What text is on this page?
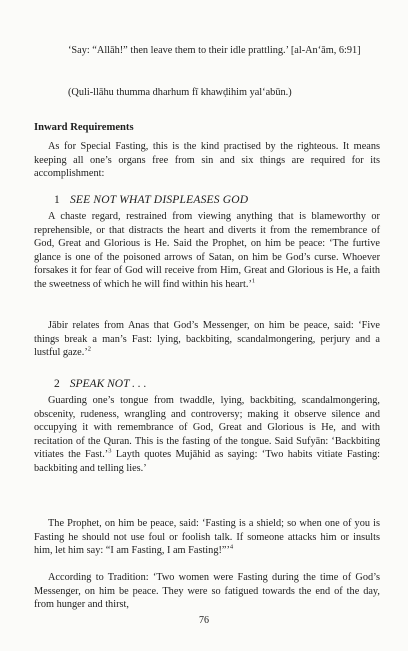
‘Say: “Allāh!” then leave them to their idle prattling.’ [al-An‘ām, 6:91]
(Quli-llāhu thumma dharhum fī khawḍihim yal‘abūn.)
Inward Requirements
As for Special Fasting, this is the kind practised by the righteous. It means keeping all one’s organs free from sin and six things are required for its accomplishment:
1 SEE NOT WHAT DISPLEASES GOD
A chaste regard, restrained from viewing anything that is blameworthy or reprehensible, or that distracts the heart and diverts it from the remembrance of God, Great and Glorious is He. Said the Prophet, on him be peace: ‘The furtive glance is one of the poisoned arrows of Satan, on him be God’s curse. Whoever forsakes it for fear of God will receive from Him, Great and Glorious is He, a faith the sweetness of which he will find within his heart.’$^1$
Jābir relates from Anas that God’s Messenger, on him be peace, said: ‘Five things break a man’s Fast: lying, backbiting, scandalmongering, perjury and a lustful gaze.’$^2$
2 SPEAK NOT . . .
Guarding one’s tongue from twaddle, lying, backbiting, scandalmongering, obscenity, rudeness, wrangling and controversy; making it observe silence and occupying it with remembrance of God, Great and Glorious is He, and with recitation of the Quran. This is the fasting of the tongue. Said Sufyān: ‘Backbiting vitiates the Fast.’$^3$ Layth quotes Mujāhid as saying: ‘Two habits vitiate Fasting: backbiting and telling lies.’
The Prophet, on him be peace, said: ‘Fasting is a shield; so when one of you is Fasting he should not use foul or foolish talk. If someone attacks him or insults him, let him say: “I am Fasting, I am Fasting!”’$^4$
According to Tradition: ‘Two women were Fasting during the time of God’s Messenger, on him be peace. They were so fatigued towards the end of the day, from hunger and thirst,
76
